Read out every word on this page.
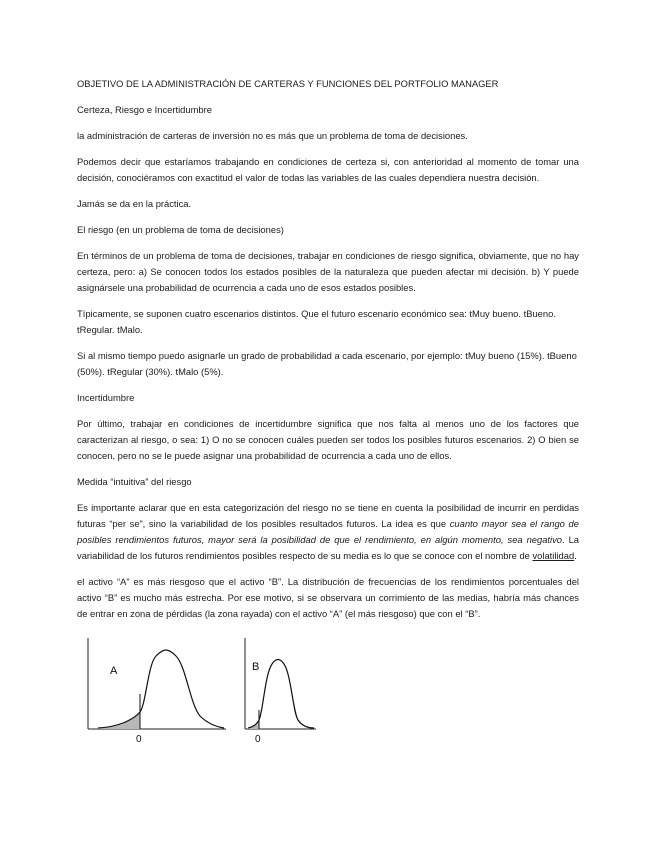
OBJETIVO DE LA ADMINISTRACIÓN DE CARTERAS Y FUNCIONES DEL PORTFOLIO MANAGER

Certeza, Riesgo e Incertidumbre

la administración de carteras de inversión no es más que un problema de toma de decisiones.

Podemos decir que estaríamos trabajando en condiciones de certeza si, con anterioridad al momento de tomar una decisión, conociéramos con exactitud el valor de todas las variables de las cuales dependiera nuestra decisión.

Jamás se da en la práctica.

El riesgo (en un problema de toma de decisiones)

En términos de un problema de toma de decisiones, trabajar en condiciones de riesgo significa, obviamente, que no hay certeza, pero: a) Se conocen todos los estados posibles de la naturaleza que pueden afectar mi decisión. b) Y puede asignársele una probabilidad de ocurrencia a cada uno de esos estados posibles.

Típicamente, se suponen cuatro escenarios distintos. Que el futuro escenario económico sea: tMuy bueno. tBueno. tRegular. tMalo.

Si al mismo tiempo puedo asignarle un grado de probabilidad a cada escenario, por ejemplo: tMuy bueno (15%). tBueno (50%). tRegular (30%). tMalo (5%).

Incertidumbre

Por último, trabajar en condiciones de incertidumbre significa que nos falta al menos uno de los factores que caracterizan al riesgo, o sea: 1) O no se conocen cuáles pueden ser todos los posibles futuros escenarios. 2) O bien se conocen, pero no se le puede asignar una probabilidad de ocurrencia a cada uno de ellos.

Medida “intuitiva” del riesgo

Es importante aclarar que en esta categorización del riesgo no se tiene en cuenta la posibilidad de incurrir en perdidas futuras “per se”, sino la variabilidad de los posibles resultados futuros. La idea es que cuanto mayor sea el rango de posibles rendimientos futuros, mayor será la posibilidad de que el rendimiento, en algún momento, sea negativo. La variabilidad de los futuros rendimientos posibles respecto de su media es lo que se conoce con el nombre de volatilidad.

el activo “A” es más riesgoso que el activo “B”. La distribución de frecuencias de los rendimientos porcentuales del activo “B” es mucho más estrecha. Por ese motivo, si se observara un corrimiento de las medias, habría más chances de entrar en zona de pérdidas (la zona rayada) con el activo “A” (el más riesgoso) que con el “B”.

A
0
B
0
